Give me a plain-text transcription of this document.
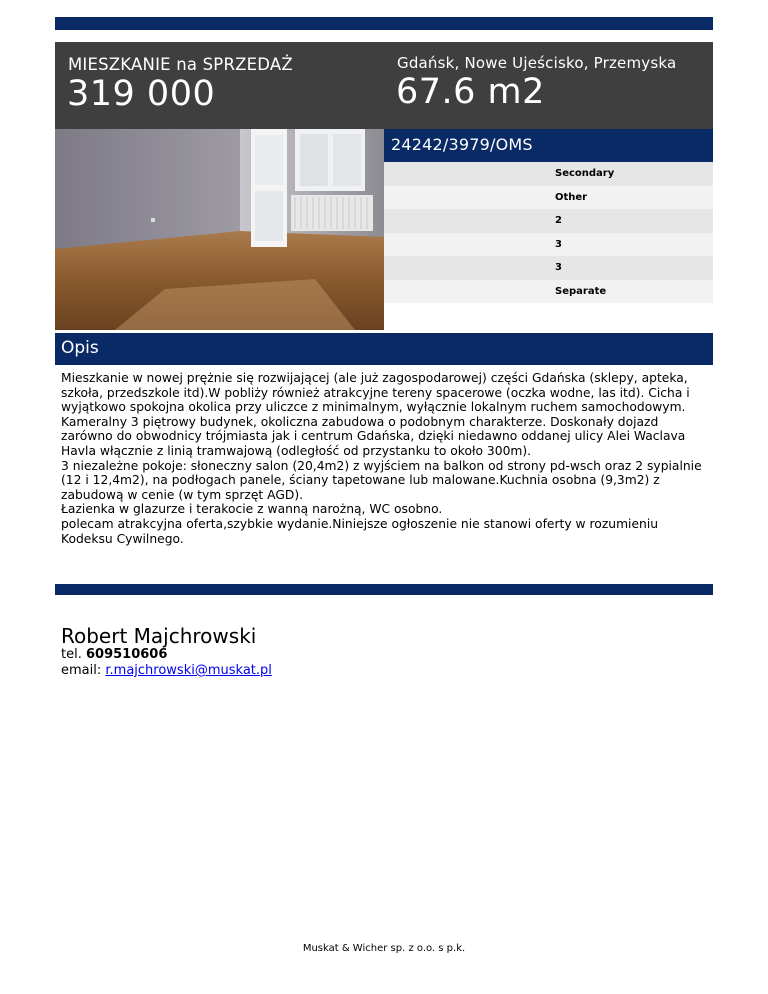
MIESZKANIE na SPRZEDAŻ
319 000
Gdańsk, Nowe Ujeścisko, Przemyska
67.6 m2
24242/3979/OMS
Secondary
Other
2
3
3
Separate
Opis

Mieszkanie w nowej prężnie się rozwijającej (ale już zagospodarowej) części Gdańska (sklepy, apteka, szkoła, przedszkole itd).W pobliży również atrakcyjne tereny spacerowe (oczka wodne, las itd). Cicha i wyjątkowo spokojna okolica przy uliczce z minimalnym, wyłącznie lokalnym ruchem samochodowym.

Kameralny 3 piętrowy budynek, okoliczna zabudowa o podobnym charakterze. Doskonały dojazd zarówno do obwodnicy trójmiasta jak i centrum Gdańska, dzięki niedawno oddanej ulicy Alei Waclava Havla włącznie z linią tramwajową (odległość od przystanku to około 300m).

3 niezależne pokoje: słoneczny salon (20,4m2) z wyjściem na balkon od strony pd-wsch oraz 2 sypialnie (12 i 12,4m2), na podłogach panele, ściany tapetowane lub malowane.Kuchnia osobna (9,3m2) z zabudową w cenie (w tym sprzęt AGD).

Łazienka w glazurze i terakocie z wanną narożną, WC osobno.

polecam atrakcyjna oferta,szybkie wydanie.Niniejsze ogłoszenie nie stanowi oferty w rozumieniu Kodeksu Cywilnego.

Robert Majchrowski
tel. 609510606
email: r.majchrowski@muskat.pl
Muskat & Wicher sp. z o.o. s p.k.
